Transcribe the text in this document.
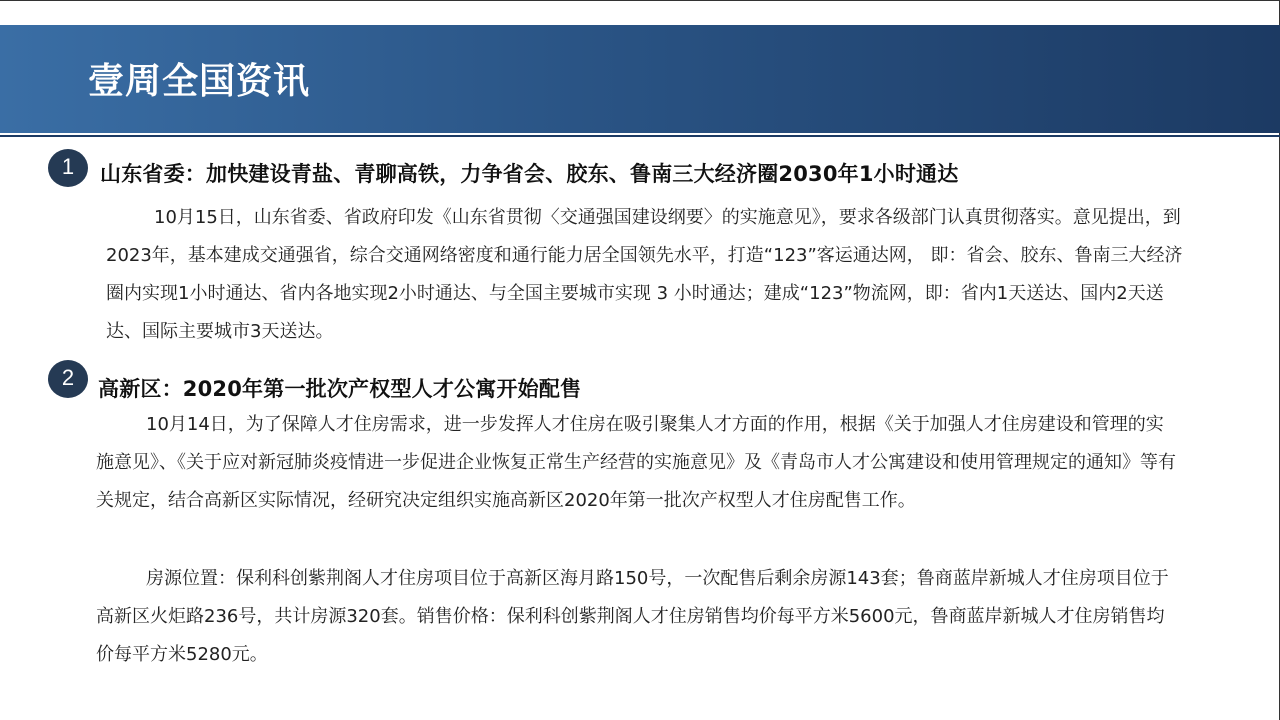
壹周全国资讯
1	山东省委：加快建设青盐、青聊高铁，力争省会、胶东、鲁南三大经济圈2030年1小时通达

10月15日，山东省委、省政府印发《山东省贯彻〈交通强国建设纲要〉的实施意见》，要求各级部门认真贯彻落实。意见提出，到2023年，基本建成交通强省，综合交通网络密度和通行能力居全国领先水平，打造“123”客运通达网， 即：省会、胶东、鲁南三大经济圈内实现1小时通达、省内各地实现2小时通达、与全国主要城市实现 3 小时通达；建成“123”物流网，即：省内1天送达、国内2天送达、国际主要城市3天送达。

2	高新区：2020年第一批次产权型人才公寓开始配售

10月14日，为了保障人才住房需求，进一步发挥人才住房在吸引聚集人才方面的作用，根据《关于加强人才住房建设和管理的实施意见》、《关于应对新冠肺炎疫情进一步促进企业恢复正常生产经营的实施意见》及《青岛市人才公寓建设和使用管理规定的通知》等有关规定，结合高新区实际情况，经研究决定组织实施高新区2020年第一批次产权型人才住房配售工作。

房源位置：保利科创紫荆阁人才住房项目位于高新区海月路150号，一次配售后剩余房源143套；鲁商蓝岸新城人才住房项目位于高新区火炬路236号，共计房源320套。销售价格：保利科创紫荆阁人才住房销售均价每平方米5600元，鲁商蓝岸新城人才住房销售均价每平方米5280元。
